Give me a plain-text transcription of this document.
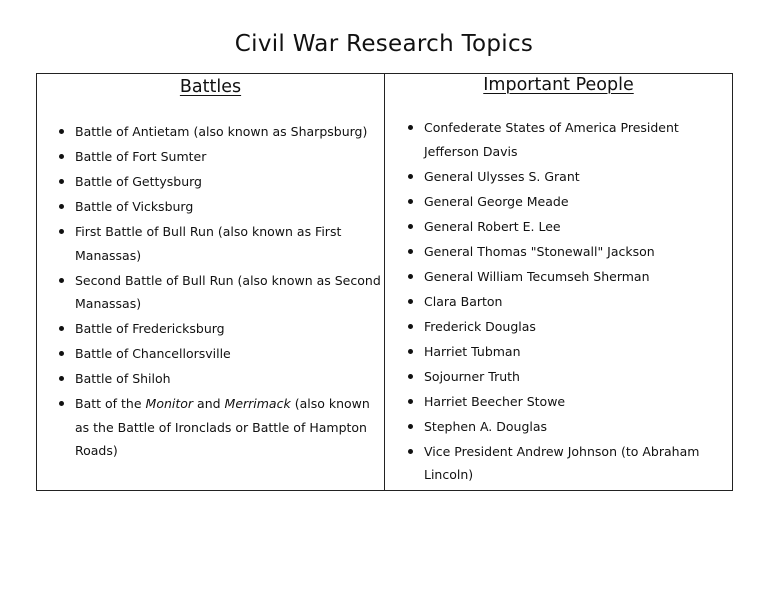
Civil War Research Topics
Battles
Battle of Antietam (also known as Sharpsburg)
Battle of Fort Sumter
Battle of Gettysburg
Battle of Vicksburg
First Battle of Bull Run (also known as First Manassas)
Second Battle of Bull Run (also known as Second Manassas)
Battle of Fredericksburg
Battle of Chancellorsville
Battle of Shiloh
Batt of the Monitor and Merrimack (also known as the Battle of Ironclads or Battle of Hampton Roads)
Important People
Confederate States of America President Jefferson Davis
General Ulysses S. Grant
General George Meade
General Robert E. Lee
General Thomas "Stonewall" Jackson
General William Tecumseh Sherman
Clara Barton
Frederick Douglas
Harriet Tubman
Sojourner Truth
Harriet Beecher Stowe
Stephen A. Douglas
Vice President Andrew Johnson (to Abraham Lincoln)
